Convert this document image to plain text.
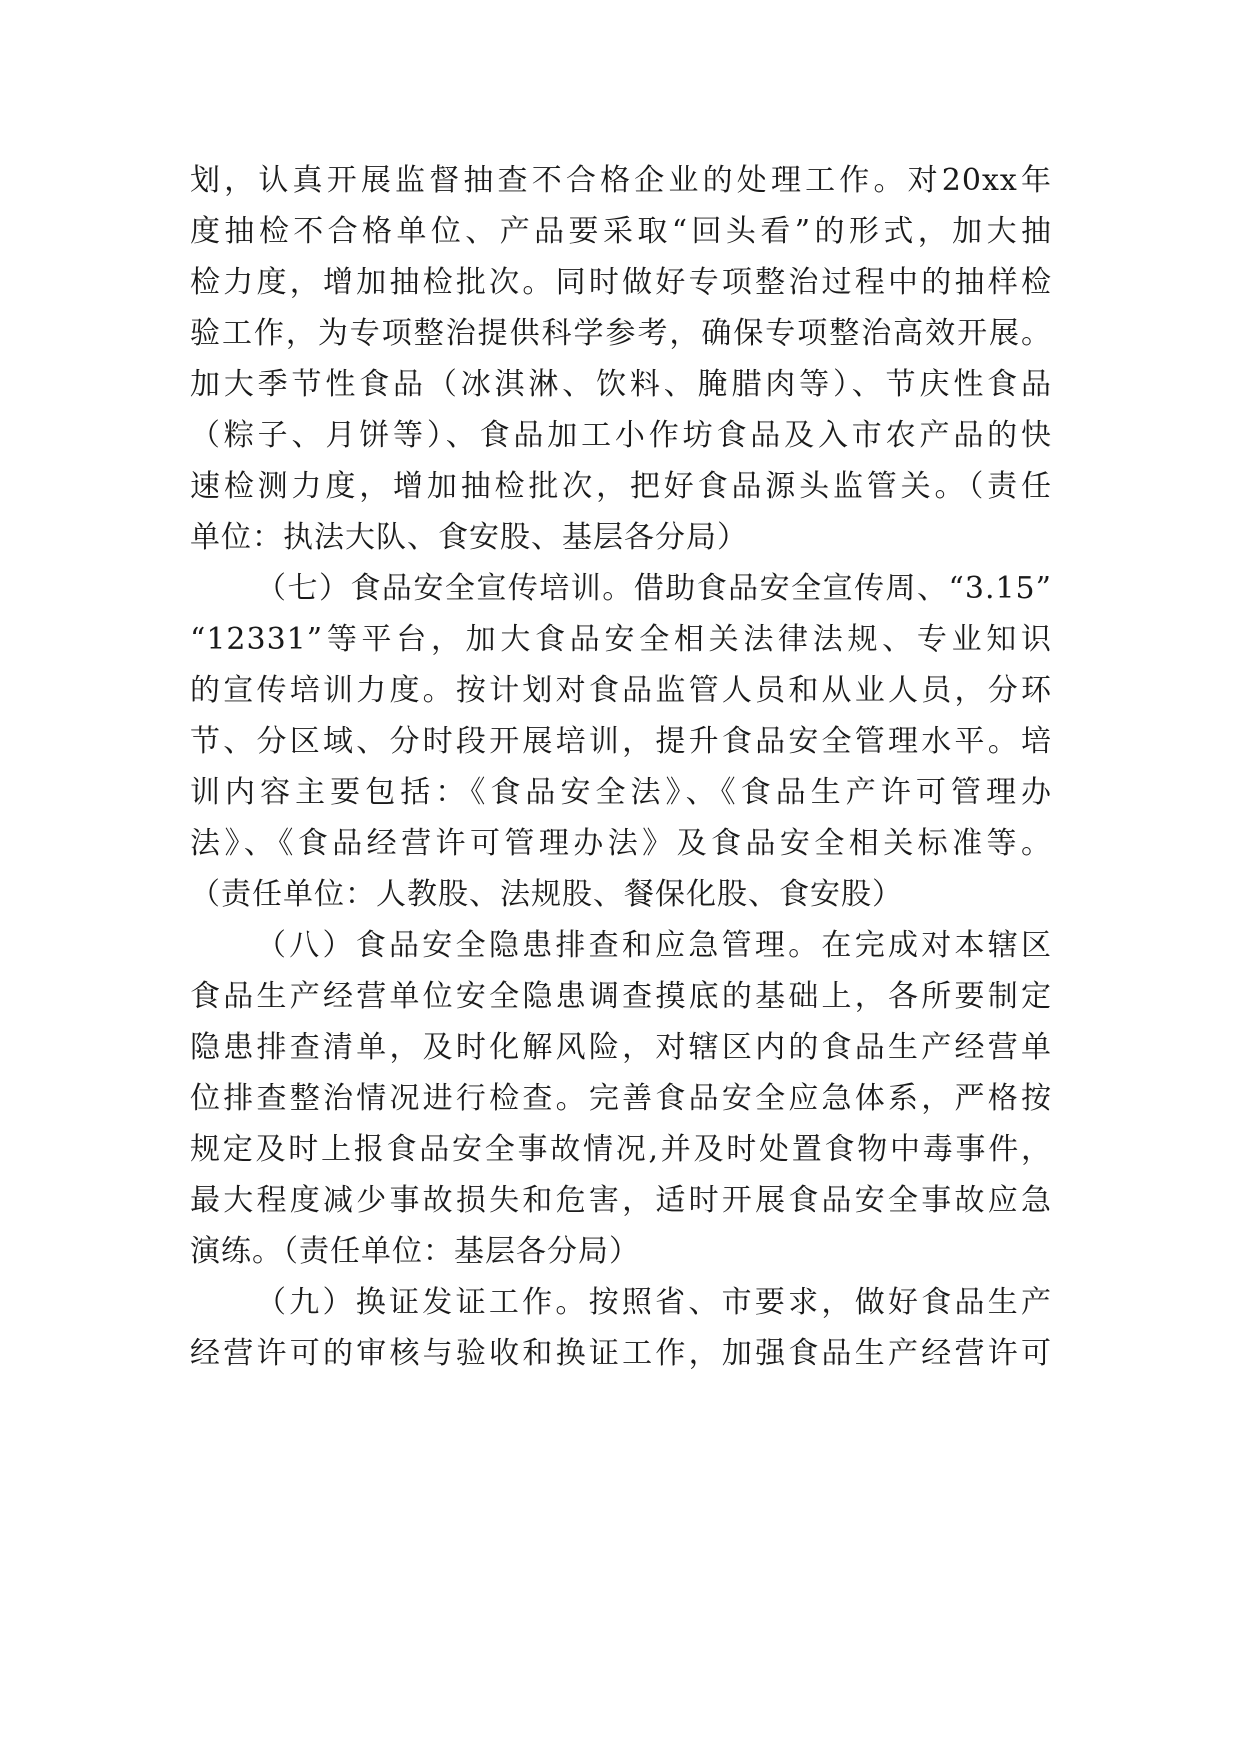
划，认真开展监督抽查不合格企业的处理工作。对20xx年
度抽检不合格单位、产品要采取“回头看”的形式，加大抽
检力度，增加抽检批次。同时做好专项整治过程中的抽样检
验工作，为专项整治提供科学参考，确保专项整治高效开展。
加大季节性食品（冰淇淋、饮料、腌腊肉等）、节庆性食品
（粽子、月饼等）、食品加工小作坊食品及入市农产品的快
速检测力度，增加抽检批次，把好食品源头监管关。（责任
单位：执法大队、食安股、基层各分局）
（七）食品安全宣传培训。借助食品安全宣传周、“3.15”
“12331”等平台，加大食品安全相关法律法规、专业知识
的宣传培训力度。按计划对食品监管人员和从业人员，分环
节、分区域、分时段开展培训，提升食品安全管理水平。培
训内容主要包括：《食品安全法》、《食品生产许可管理办
法》、《食品经营许可管理办法》及食品安全相关标准等。
（责任单位：人教股、法规股、餐保化股、食安股）
（八）食品安全隐患排查和应急管理。在完成对本辖区
食品生产经营单位安全隐患调查摸底的基础上，各所要制定
隐患排查清单，及时化解风险，对辖区内的食品生产经营单
位排查整治情况进行检查。完善食品安全应急体系，严格按
规定及时上报食品安全事故情况,并及时处置食物中毒事件，
最大程度减少事故损失和危害，适时开展食品安全事故应急
演练。（责任单位：基层各分局）
（九）换证发证工作。按照省、市要求，做好食品生产
经营许可的审核与验收和换证工作，加强食品生产经营许可
